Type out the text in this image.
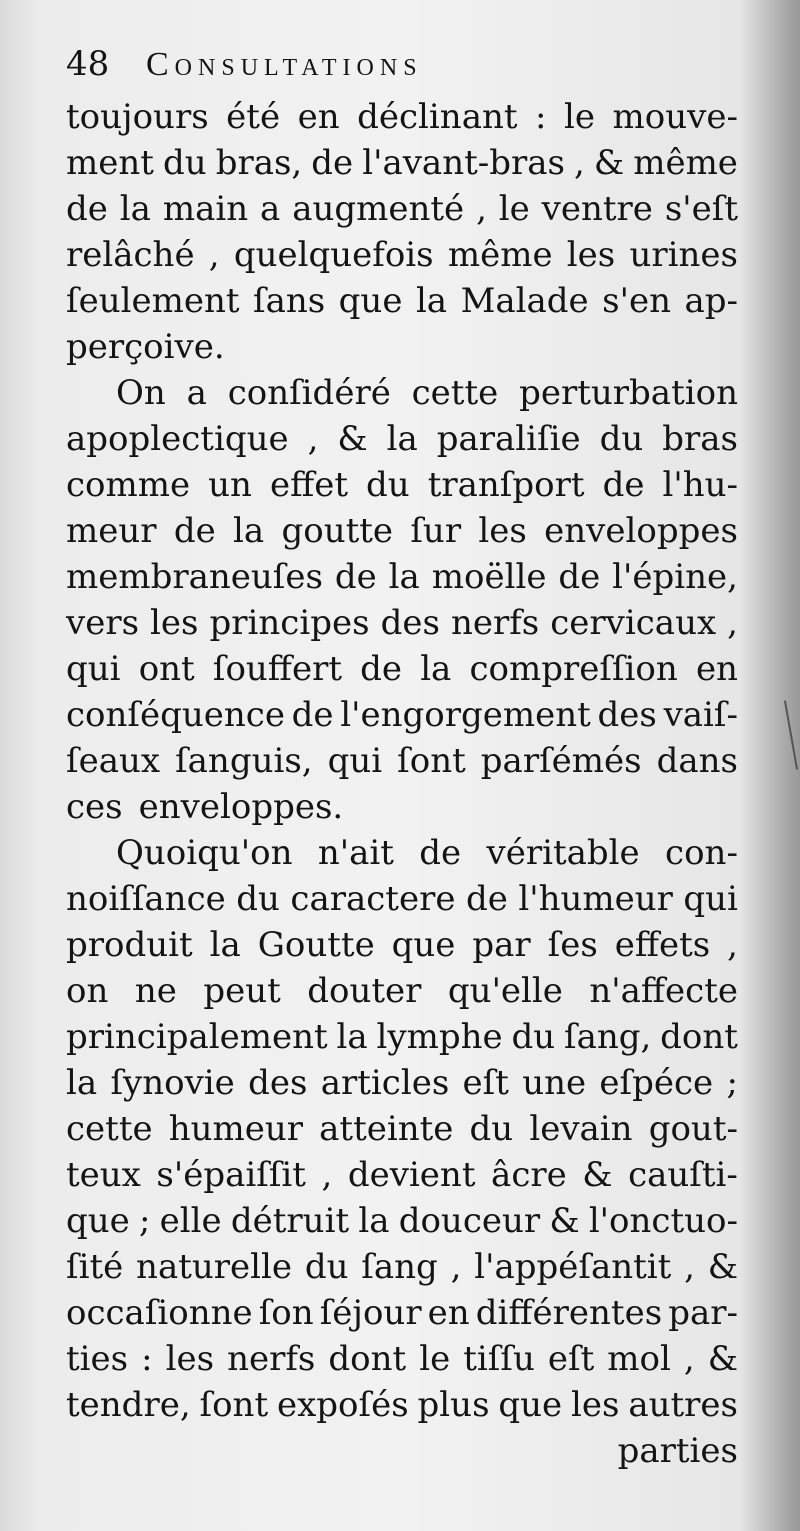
48	Consultations
toujours été en déclinant : le mouve-
ment du bras, de l'avant-bras , & même
de la main a augmenté , le ventre s'eſt
relâché , quelquefois même les urines
ſeulement ſans que la Malade s'en ap-
perçoive.
On a conſidéré cette perturbation
apoplectique , & la paraliſie du bras
comme un effet du tranſport de l'hu-
meur de la goutte ſur les enveloppes
membraneuſes de la moëlle de l'épine,
vers les principes des nerfs cervicaux ,
qui ont ſouffert de la compreſſion en
conſéquence de l'engorgement des vaiſ-
ſeaux ſanguis, qui ſont parſémés dans
ces enveloppes.
Quoiqu'on n'ait de véritable con-
noiſſance du caractere de l'humeur qui
produit la Goutte que par ſes effets ,
on ne peut douter qu'elle n'affecte
principalement la lymphe du ſang, dont
la ſynovie des articles eſt une eſpéce ;
cette humeur atteinte du levain gout-
teux s'épaiſſit , devient âcre & cauſti-
que ; elle détruit la douceur & l'onctuo-
ſité naturelle du ſang , l'appéſantit , &
occaſionne ſon ſéjour en différentes par-
ties : les nerfs dont le tiſſu eſt mol , &
tendre, ſont expoſés plus que les autres
parties
